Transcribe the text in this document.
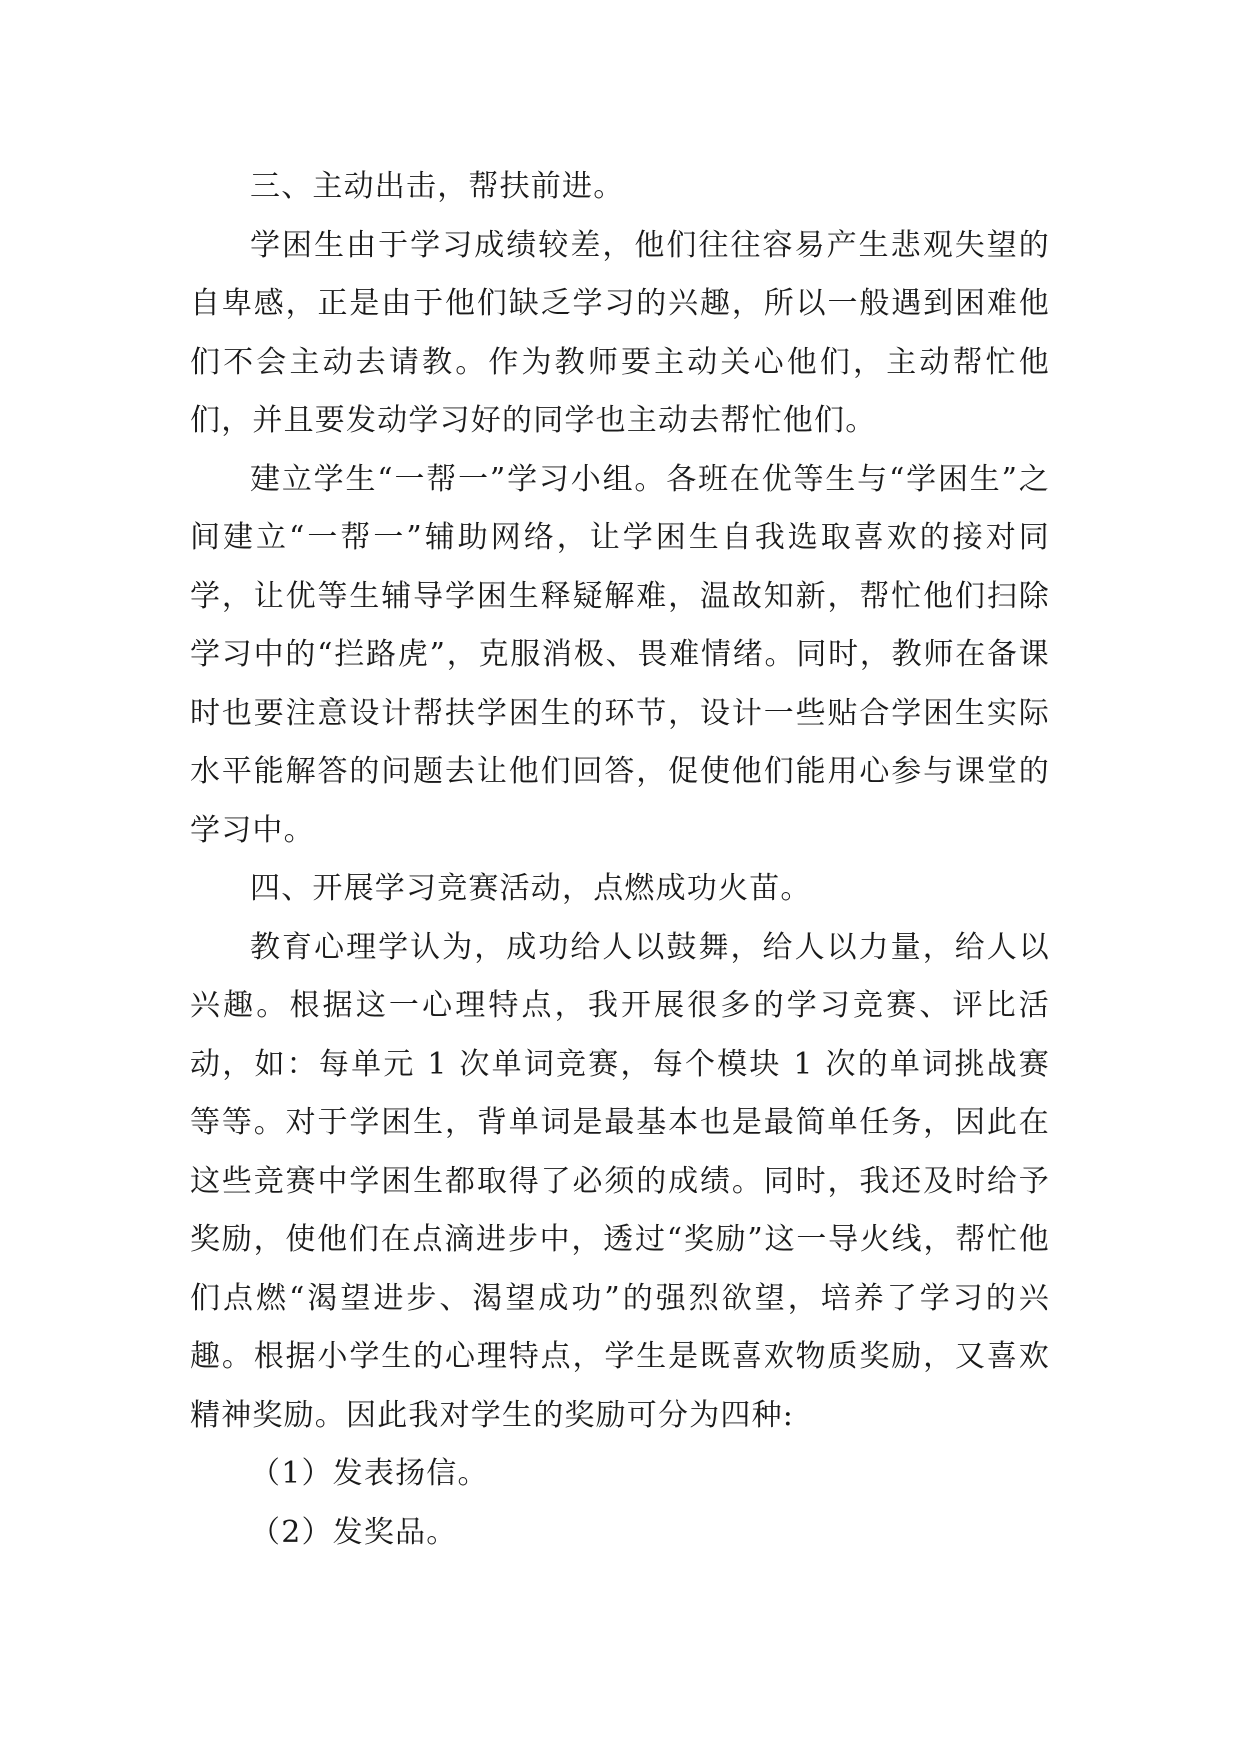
三、主动出击，帮扶前进。

学困生由于学习成绩较差，他们往往容易产生悲观失望的自卑感，正是由于他们缺乏学习的兴趣，所以一般遇到困难他们不会主动去请教。作为教师要主动关心他们，主动帮忙他们，并且要发动学习好的同学也主动去帮忙他们。

建立学生“一帮一”学习小组。各班在优等生与“学困生”之间建立“一帮一”辅助网络，让学困生自我选取喜欢的接对同学，让优等生辅导学困生释疑解难，温故知新，帮忙他们扫除学习中的“拦路虎”，克服消极、畏难情绪。同时，教师在备课时也要注意设计帮扶学困生的环节，设计一些贴合学困生实际水平能解答的问题去让他们回答，促使他们能用心参与课堂的学习中。

四、开展学习竞赛活动，点燃成功火苗。

教育心理学认为，成功给人以鼓舞，给人以力量，给人以兴趣。根据这一心理特点，我开展很多的学习竞赛、评比活动，如：每单元 1 次单词竞赛，每个模块 1 次的单词挑战赛等等。对于学困生，背单词是最基本也是最简单任务，因此在这些竞赛中学困生都取得了必须的成绩。同时，我还及时给予奖励，使他们在点滴进步中，透过“奖励”这一导火线，帮忙他们点燃“渴望进步、渴望成功”的强烈欲望，培养了学习的兴趣。根据小学生的心理特点，学生是既喜欢物质奖励，又喜欢精神奖励。因此我对学生的奖励可分为四种:

（1）发表扬信。

（2）发奖品。
